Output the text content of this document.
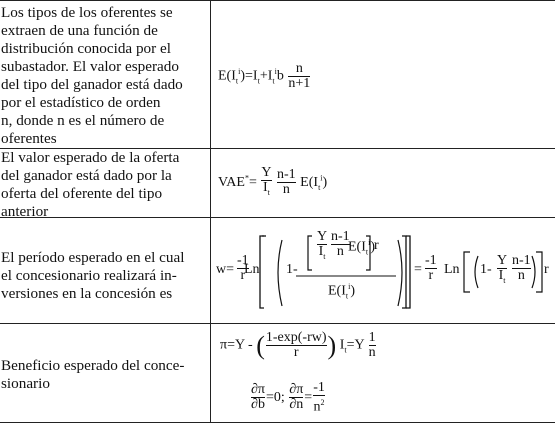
Los tipos de los oferentes se
extraen de una función de
distribución conocida por el
subastador. El valor esperado
del tipo del ganador está dado
por el estadístico de orden
n, donde n es el número de
oferentes
$E(I_t^i)=I_t+I_t^ib \frac{n}{n+1}$
El valor esperado de la oferta
del ganador está dado por la
oferta del oferente del tipo
anterior
$VAE^*= \frac{Y}{I_t}$
$\frac{n-1}{n} E(I_t^i)$
El período esperado en el cual
el concesionario realizará in-
versiones en la concesión es
$w= \frac{-1}{r}$
Ln 1-
$\frac{Y}{I_t} \frac{n-1}{n}$
$E(I_t^i)$
r
$E(I_t^i)$
= $\frac{-1}{r}$ Ln $1- \frac{Y}{I_t} \frac{n-1}{n}$ r
Beneficio esperado del conce-
sionario
π=Y - ( $\frac{1-\exp(-rw)}{r}$ ) $I_t=Y \frac{1}{n}$
$\frac{\partial\pi}{\partial b} =0$; $\frac{\partial\pi}{\partial n} = \frac{-1}{n^2}$
